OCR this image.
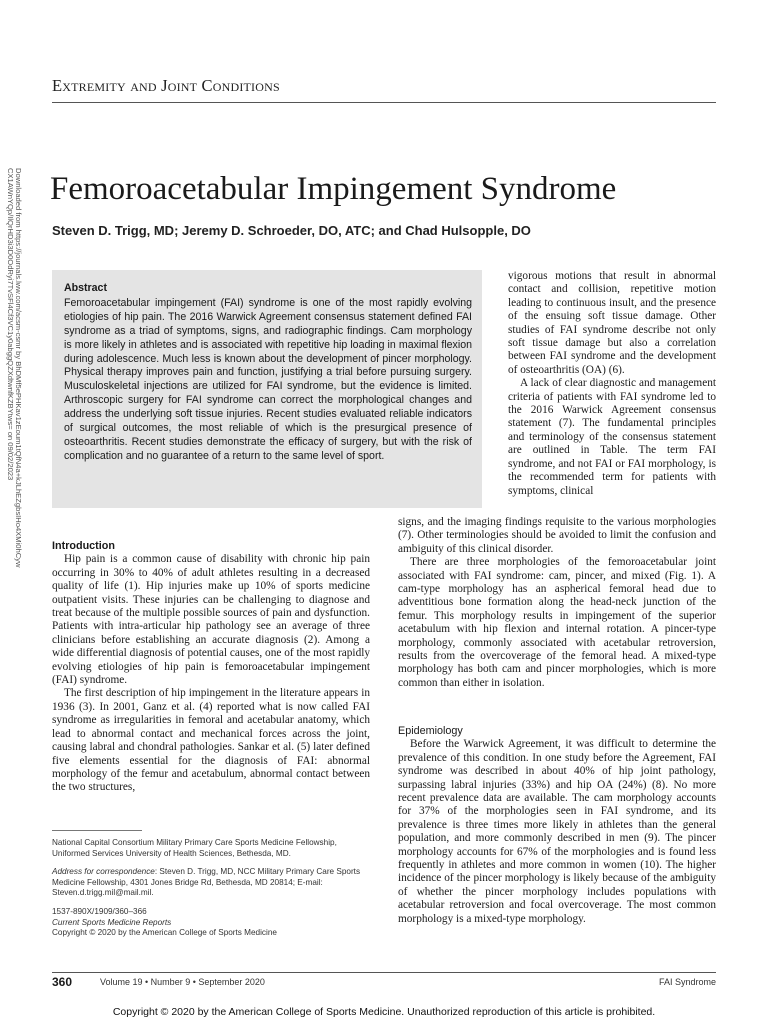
Extremity and Joint Conditions
Downloaded from https://journals.lww.com/acsm-csmr by BhDMf5ePHKav1zEoum1tQfN4a+kJLhEZgbsIHo4XMi0hCyw CX1AWnYQp/IlQrHD3i3D0OdRyi7TvSFl4Cf3VC1y0abggQZXdtwnfKZBYtws= on 09/02/2023 Femoroacetabular Impingement Syndrome
Steven D. Trigg, MD; Jeremy D. Schroeder, DO, ATC; and Chad Hulsopple, DO

Abstract

Femoroacetabular impingement (FAI) syndrome is one of the most rapidly evolving etiologies of hip pain. The 2016 Warwick Agreement consensus statement defined FAI syndrome as a triad of symptoms, signs, and radiographic findings. Cam morphology is more likely in athletes and is associated with repetitive hip loading in maximal flexion during adolescence. Much less is known about the development of pincer morphology. Physical therapy improves pain and function, justifying a trial before pursuing surgery. Musculoskeletal injections are utilized for FAI syndrome, but the evidence is limited. Arthroscopic surgery for FAI syndrome can correct the morphological changes and address the underlying soft tissue injuries. Recent studies evaluated reliable indicators of surgical outcomes, the most reliable of which is the presurgical presence of osteoarthritis. Recent studies demonstrate the efficacy of surgery, but with the risk of complication and no guarantee of a return to the same level of sport.

vigorous motions that result in abnormal contact and collision, repetitive motion leading to continuous insult, and the presence of the ensuing soft tissue damage. Other studies of FAI syndrome describe not only soft tissue damage but also a correlation between FAI syndrome and the development of osteoarthritis (OA) (6).

A lack of clear diagnostic and management criteria of patients with FAI syndrome led to the 2016 Warwick Agreement consensus statement (7). The fundamental principles and terminology of the consensus statement are outlined in Table. The term FAI syndrome, and not FAI or FAI morphology, is the recommended term for patients with symptoms, clinical

signs, and the imaging findings requisite to the various morphologies (7). Other terminologies should be avoided to limit the confusion and ambiguity of this clinical disorder.

There are three morphologies of the femoroacetabular joint associated with FAI syndrome: cam, pincer, and mixed (Fig. 1). A cam-type morphology has an aspherical femoral head due to adventitious bone formation along the head-neck junction of the femur. This morphology results in impingement of the superior acetabulum with hip flexion and internal rotation. A pincer-type morphology, commonly associated with acetabular retroversion, results from the overcoverage of the femoral head. A mixed-type morphology has both cam and pincer morphologies, which is more common than either in isolation.

Epidemiology

Before the Warwick Agreement, it was difficult to determine the prevalence of this condition. In one study before the Agreement, FAI syndrome was described in about 40% of hip joint pathology, surpassing labral injuries (33%) and hip OA (24%) (8). No more recent prevalence data are available. The cam morphology accounts for 37% of the morphologies seen in FAI syndrome, and its prevalence is three times more likely in athletes than the general population, and more commonly described in men (9). The pincer morphology accounts for 67% of the morphologies and is found less frequently in athletes and more common in women (10). The higher incidence of the pincer morphology is likely because of the ambiguity of whether the pincer morphology includes populations with acetabular retroversion and focal overcoverage. The most common morphology is a mixed-type morphology.

Introduction

Hip pain is a common cause of disability with chronic hip pain occurring in 30% to 40% of adult athletes resulting in a decreased quality of life (1). Hip injuries make up 10% of sports medicine outpatient visits. These injuries can be challenging to diagnose and treat because of the multiple possible sources of pain and dysfunction. Patients with intra-articular hip pathology see an average of three clinicians before establishing an accurate diagnosis (2). Among a wide differential diagnosis of potential causes, one of the most rapidly evolving etiologies of hip pain is femoroacetabular impingement (FAI) syndrome.

The first description of hip impingement in the literature appears in 1936 (3). In 2001, Ganz et al. (4) reported what is now called FAI syndrome as irregularities in femoral and acetabular anatomy, which lead to abnormal contact and mechanical forces across the joint, causing labral and chondral pathologies. Sankar et al. (5) later defined five elements essential for the diagnosis of FAI: abnormal morphology of the femur and acetabulum, abnormal contact between the two structures,

National Capital Consortium Military Primary Care Sports Medicine Fellowship, Uniformed Services University of Health Sciences, Bethesda, MD.

Address for correspondence: Steven D. Trigg, MD, NCC Military Primary Care Sports Medicine Fellowship, 4301 Jones Bridge Rd, Bethesda, MD 20814; E-mail: Steven.d.trigg.mil@mail.mil.

1537-890X/1909/360–366
Current Sports Medicine Reports
Copyright © 2020 by the American College of Sports Medicine

360	Volume 19 • Number 9 • September 2020	FAI Syndrome
Copyright © 2020 by the American College of Sports Medicine. Unauthorized reproduction of this article is prohibited.
